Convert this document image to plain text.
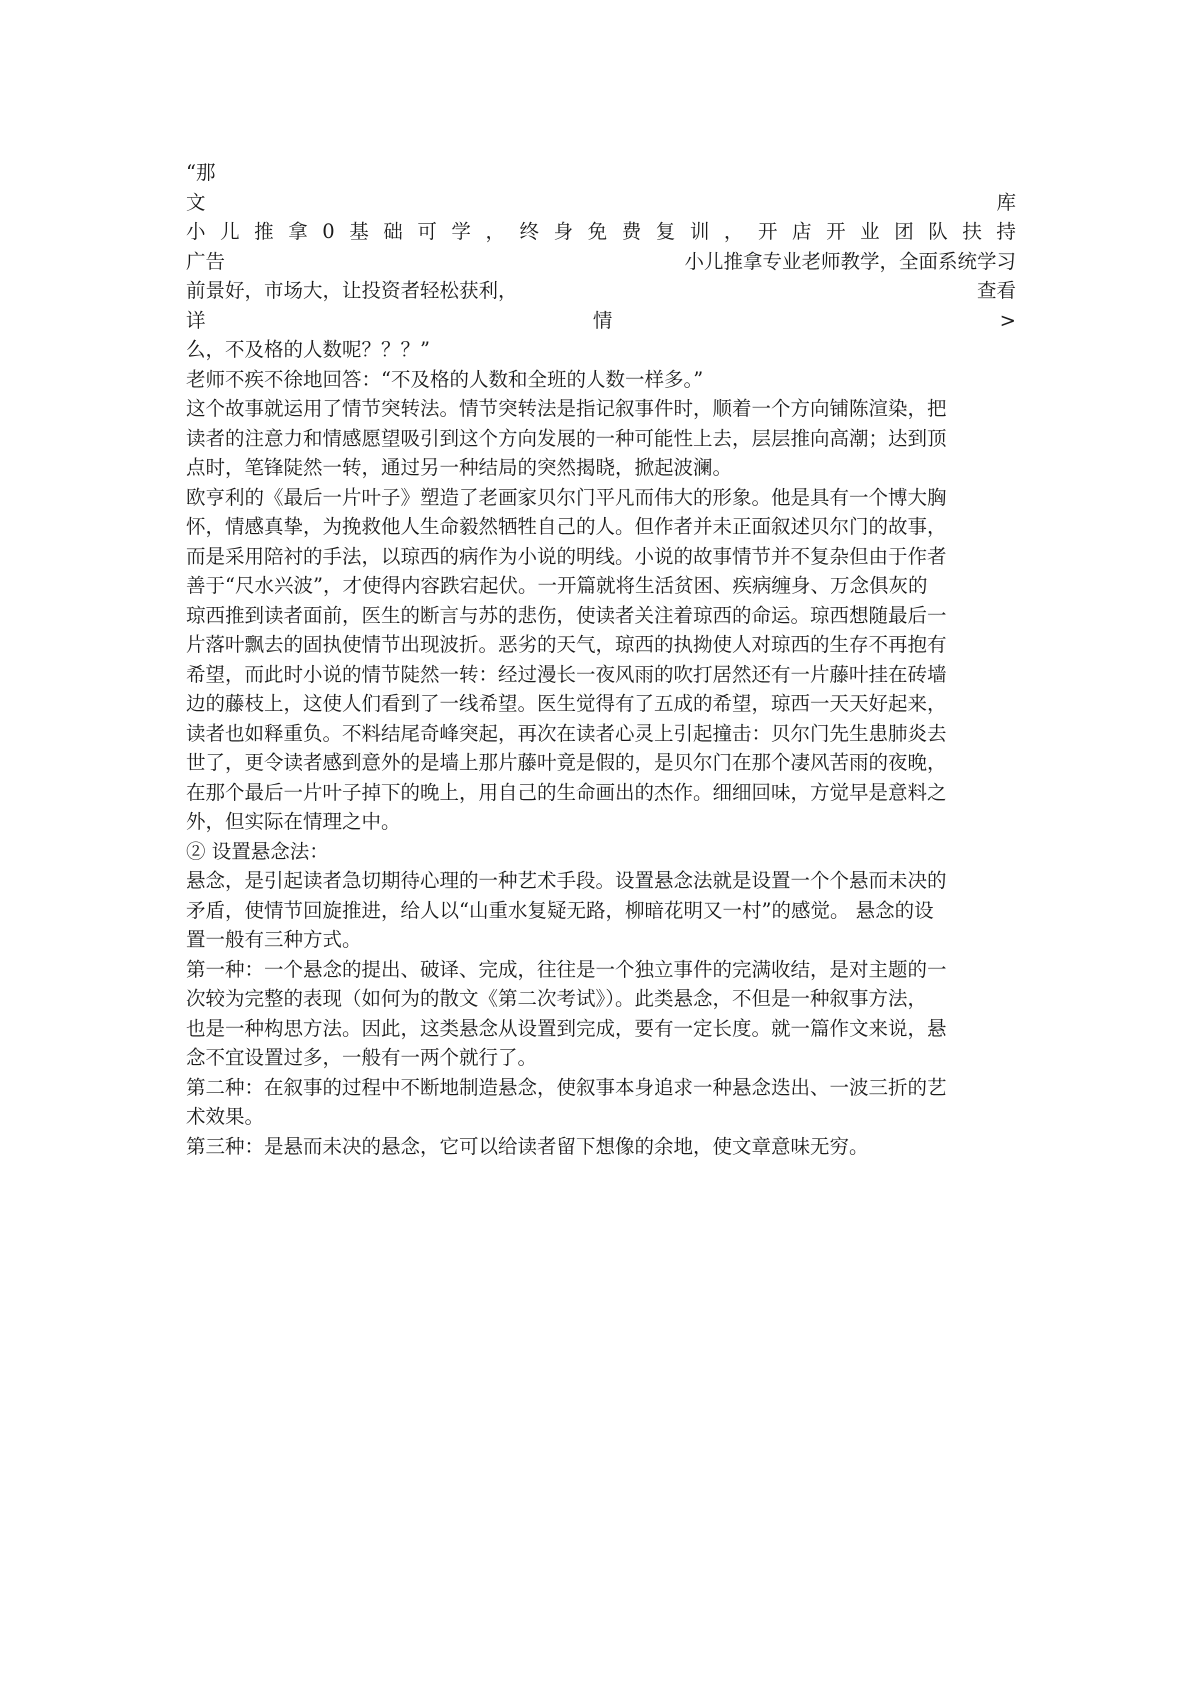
“那
文	库
小 儿 推 拿 0 基 础 可 学 ， 终 身 免 费 复 训 ， 开 店 开 业 团 队 扶 持
广告	小儿推拿专业老师教学，全面系统学习
前景好，市场大，让投资者轻松获利，	查看
详	情	>
么，不及格的人数呢？？？”
老师不疾不徐地回答：“不及格的人数和全班的人数一样多。”
这个故事就运用了情节突转法。情节突转法是指记叙事件时，顺着一个方向铺陈渲染，把
读者的注意力和情感愿望吸引到这个方向发展的一种可能性上去，层层推向高潮；达到顶
点时，笔锋陡然一转，通过另一种结局的突然揭晓，掀起波澜。
欧亨利的《最后一片叶子》塑造了老画家贝尔门平凡而伟大的形象。他是具有一个博大胸
怀，情感真挚，为挽救他人生命毅然牺牲自己的人。但作者并未正面叙述贝尔门的故事，
而是采用陪衬的手法，以琼西的病作为小说的明线。小说的故事情节并不复杂但由于作者
善于“尺水兴波”，才使得内容跌宕起伏。一开篇就将生活贫困、疾病缠身、万念俱灰的
琼西推到读者面前，医生的断言与苏的悲伤，使读者关注着琼西的命运。琼西想随最后一
片落叶飘去的固执使情节出现波折。恶劣的天气，琼西的执拗使人对琼西的生存不再抱有
希望，而此时小说的情节陡然一转：经过漫长一夜风雨的吹打居然还有一片藤叶挂在砖墙
边的藤枝上，这使人们看到了一线希望。医生觉得有了五成的希望，琼西一天天好起来，
读者也如释重负。不料结尾奇峰突起，再次在读者心灵上引起撞击：贝尔门先生患肺炎去
世了，更令读者感到意外的是墙上那片藤叶竟是假的，是贝尔门在那个凄风苦雨的夜晚，
在那个最后一片叶子掉下的晚上，用自己的生命画出的杰作。细细回味，方觉早是意料之
外，但实际在情理之中。
② 设置悬念法：
悬念，是引起读者急切期待心理的一种艺术手段。设置悬念法就是设置一个个悬而未决的
矛盾，使情节回旋推进，给人以“山重水复疑无路，柳暗花明又一村”的感觉。 悬念的设
置一般有三种方式。
第一种：一个悬念的提出、破译、完成，往往是一个独立事件的完满收结，是对主题的一
次较为完整的表现（如何为的散文《第二次考试》）。此类悬念，不但是一种叙事方法，
也是一种构思方法。因此，这类悬念从设置到完成，要有一定长度。就一篇作文来说，悬
念不宜设置过多，一般有一两个就行了。
第二种：在叙事的过程中不断地制造悬念，使叙事本身追求一种悬念迭出、一波三折的艺
术效果。
第三种：是悬而未决的悬念，它可以给读者留下想像的余地，使文章意味无穷。
